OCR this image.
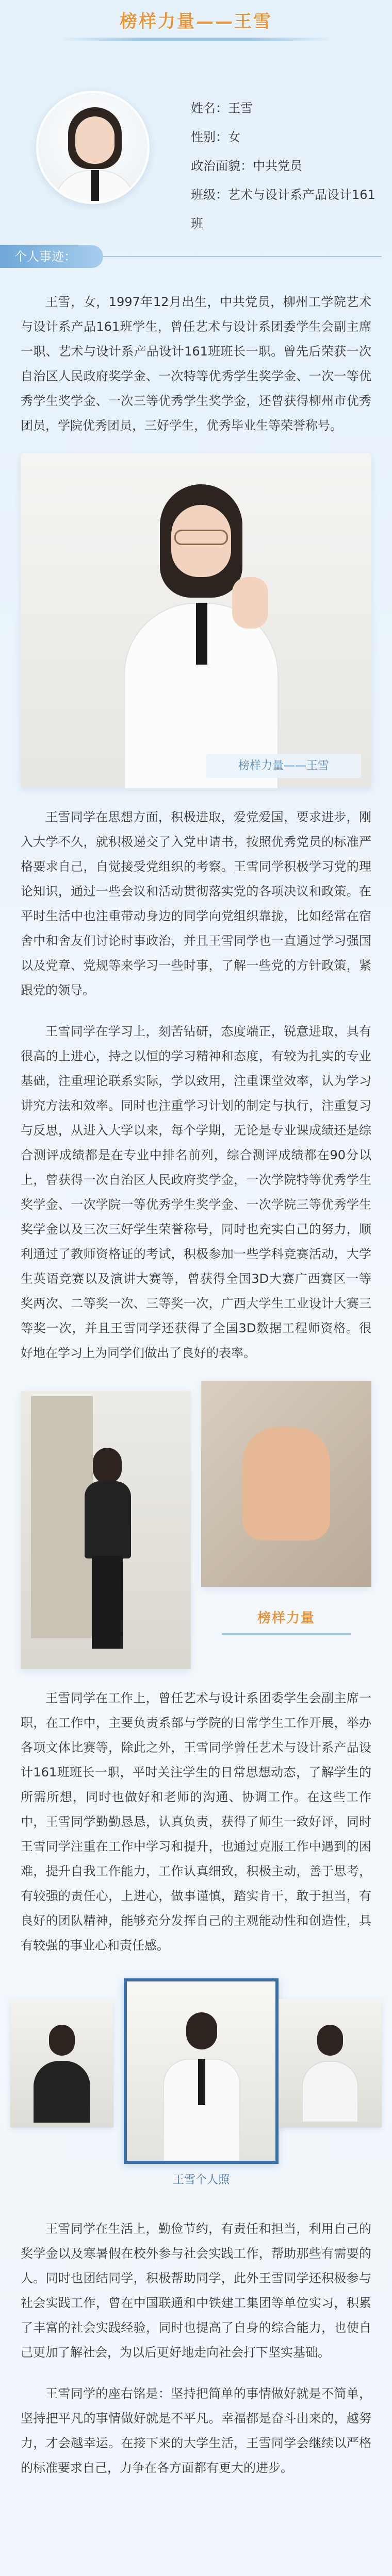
榜样力量——王雪
姓名：王雪
性别：女
政治面貌：中共党员
班级：艺术与设计系产品设计161班
个人事迹：

王雪，女，1997年12月出生，中共党员，柳州工学院艺术与设计系产品161班学生，曾任艺术与设计系团委学生会副主席一职、艺术与设计系产品设计161班班长一职。曾先后荣获一次自治区人民政府奖学金、一次特等优秀学生奖学金、一次一等优秀学生奖学金、一次三等优秀学生奖学金，还曾获得柳州市优秀团员，学院优秀团员，三好学生，优秀毕业生等荣誉称号。

榜样力量——王雪

王雪同学在思想方面，积极进取，爱党爱国，要求进步，刚入大学不久，就积极递交了入党申请书，按照优秀党员的标准严格要求自己，自觉接受党组织的考察。王雪同学积极学习党的理论知识，通过一些会议和活动贯彻落实党的各项决议和政策。在平时生活中也注重带动身边的同学向党组织靠拢，比如经常在宿舍中和舍友们讨论时事政治，并且王雪同学也一直通过学习强国以及党章、党规等来学习一些时事，了解一些党的方针政策，紧跟党的领导。

王雪同学在学习上，刻苦钻研，态度端正，锐意进取，具有很高的上进心，持之以恒的学习精神和态度，有较为扎实的专业基础，注重理论联系实际，学以致用，注重课堂效率，认为学习讲究方法和效率。同时也注重学习计划的制定与执行，注重复习与反思，从进入大学以来，每个学期，无论是专业课成绩还是综合测评成绩都是在专业中排名前列，综合测评成绩都在90分以上，曾获得一次自治区人民政府奖学金，一次学院特等优秀学生奖学金、一次学院一等优秀学生奖学金、一次学院三等优秀学生奖学金以及三次三好学生荣誉称号，同时也充实自己的努力，顺利通过了教师资格证的考试，积极参加一些学科竞赛活动，大学生英语竞赛以及演讲大赛等，曾获得全国3D大赛广西赛区一等奖两次、二等奖一次、三等奖一次，广西大学生工业设计大赛三等奖一次，并且王雪同学还获得了全国3D数据工程师资格。很好地在学习上为同学们做出了良好的表率。

榜样力量

王雪同学在工作上，曾任艺术与设计系团委学生会副主席一职，在工作中，主要负责系部与学院的日常学生工作开展，举办各项文体比赛等，除此之外，王雪同学曾任艺术与设计系产品设计161班班长一职，平时关注学生的日常思想动态，了解学生的所需所想，同时也做好和老师的沟通、协调工作。在这些工作中，王雪同学勤勤恳恳，认真负责，获得了师生一致好评，同时王雪同学注重在工作中学习和提升，也通过克服工作中遇到的困难，提升自我工作能力，工作认真细致，积极主动，善于思考，有较强的责任心，上进心，做事谨慎，踏实肯干，敢于担当，有良好的团队精神，能够充分发挥自己的主观能动性和创造性，具有较强的事业心和责任感。

王雪个人照

王雪同学在生活上，勤俭节约，有责任和担当，利用自己的奖学金以及寒暑假在校外参与社会实践工作，帮助那些有需要的人。同时也团结同学，积极帮助同学，此外王雪同学还积极参与社会实践工作，曾在中国联通和中铁建工集团等单位实习，积累了丰富的社会实践经验，同时也提高了自身的综合能力，也使自己更加了解社会，为以后更好地走向社会打下坚实基础。

王雪同学的座右铭是：坚持把简单的事情做好就是不简单，坚持把平凡的事情做好就是不平凡。幸福都是奋斗出来的，越努力，才会越幸运。在接下来的大学生活，王雪同学会继续以严格的标准要求自己，力争在各方面都有更大的进步。
